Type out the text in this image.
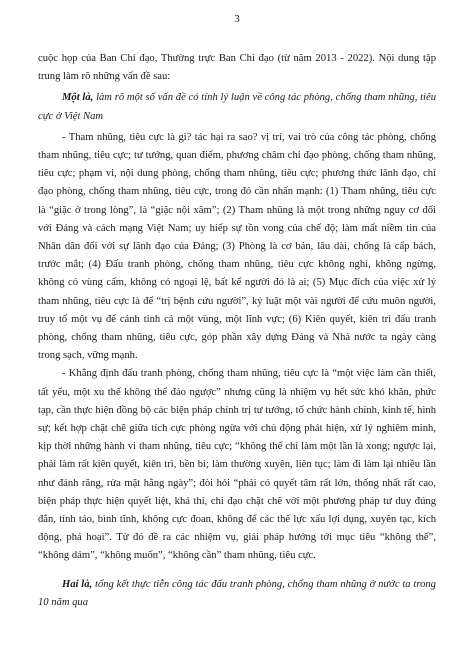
3

cuộc họp của Ban Chỉ đạo, Thường trực Ban Chỉ đạo (từ năm 2013 - 2022). Nội dung tập trung làm rõ những vấn đề sau:

Một là, làm rõ một số vấn đề có tính lý luận về công tác phòng, chống tham nhũng, tiêu cực ở Việt Nam

- Tham nhũng, tiêu cực là gì? tác hại ra sao? vị trí, vai trò của công tác phòng, chống tham nhũng, tiêu cực; tư tưởng, quan điểm, phương châm chỉ đạo phòng, chống tham nhũng, tiêu cực; phạm vi, nội dung phòng, chống tham nhũng, tiêu cực; phương thức lãnh đạo, chỉ đạo phòng, chống tham nhũng, tiêu cực, trong đó cần nhấn mạnh: (1) Tham nhũng, tiêu cực là “giặc ở trong lòng”, là “giặc nội xâm”; (2) Tham nhũng là một trong những nguy cơ đối với Đảng và cách mạng Việt Nam; uy hiếp sự tồn vong của chế độ; làm mất niềm tin của Nhân dân đối với sự lãnh đạo của Đảng; (3) Phòng là cơ bản, lâu dài, chống là cấp bách, trước mắt; (4) Đấu tranh phòng, chống tham nhũng, tiêu cực không nghỉ, không ngừng, không có vùng cấm, không có ngoại lệ, bất kể người đó là ai; (5) Mục đích của việc xử lý tham nhũng, tiêu cực là để “trị bệnh cứu người”, kỷ luật một vài người để cứu muôn người, truy tố một vụ để cảnh tỉnh cả một vùng, một lĩnh vực; (6) Kiên quyết, kiên trì đấu tranh phòng, chống tham nhũng, tiêu cực, góp phần xây dựng Đảng và Nhà nước ta ngày càng trong sạch, vững mạnh.

- Khẳng định đấu tranh phòng, chống tham nhũng, tiêu cực là “một việc làm cần thiết, tất yếu, một xu thế không thể đảo ngược” nhưng cũng là nhiệm vụ hết sức khó khăn, phức tạp, cần thực hiện đồng bộ các biện pháp chính trị tư tưởng, tổ chức hành chính, kinh tế, hình sự; kết hợp chặt chẽ giữa tích cực phòng ngừa với chủ động phát hiện, xử lý nghiêm minh, kịp thời những hành vi tham nhũng, tiêu cực; “không thể chỉ làm một lần là xong; ngược lại, phải làm rất kiên quyết, kiên trì, bền bỉ; làm thường xuyên, liên tục; làm đi làm lại nhiều lần như đánh răng, rửa mặt hằng ngày”; đòi hỏi “phải có quyết tâm rất lớn, thống nhất rất cao, biện pháp thực hiện quyết liệt, khả thi, chỉ đạo chặt chẽ với một phương pháp tư duy đúng đắn, tỉnh táo, bình tĩnh, không cực đoan, không để các thế lực xấu lợi dụng, xuyên tạc, kích động, phá hoại”. Từ đó đề ra các nhiệm vụ, giải pháp hướng tới mục tiêu “không thể”, “không dám”, “không muốn”, “không cần” tham nhũng, tiêu cực.

Hai là, tổng kết thực tiễn công tác đấu tranh phòng, chống tham nhũng ở nước ta trong 10 năm qua
